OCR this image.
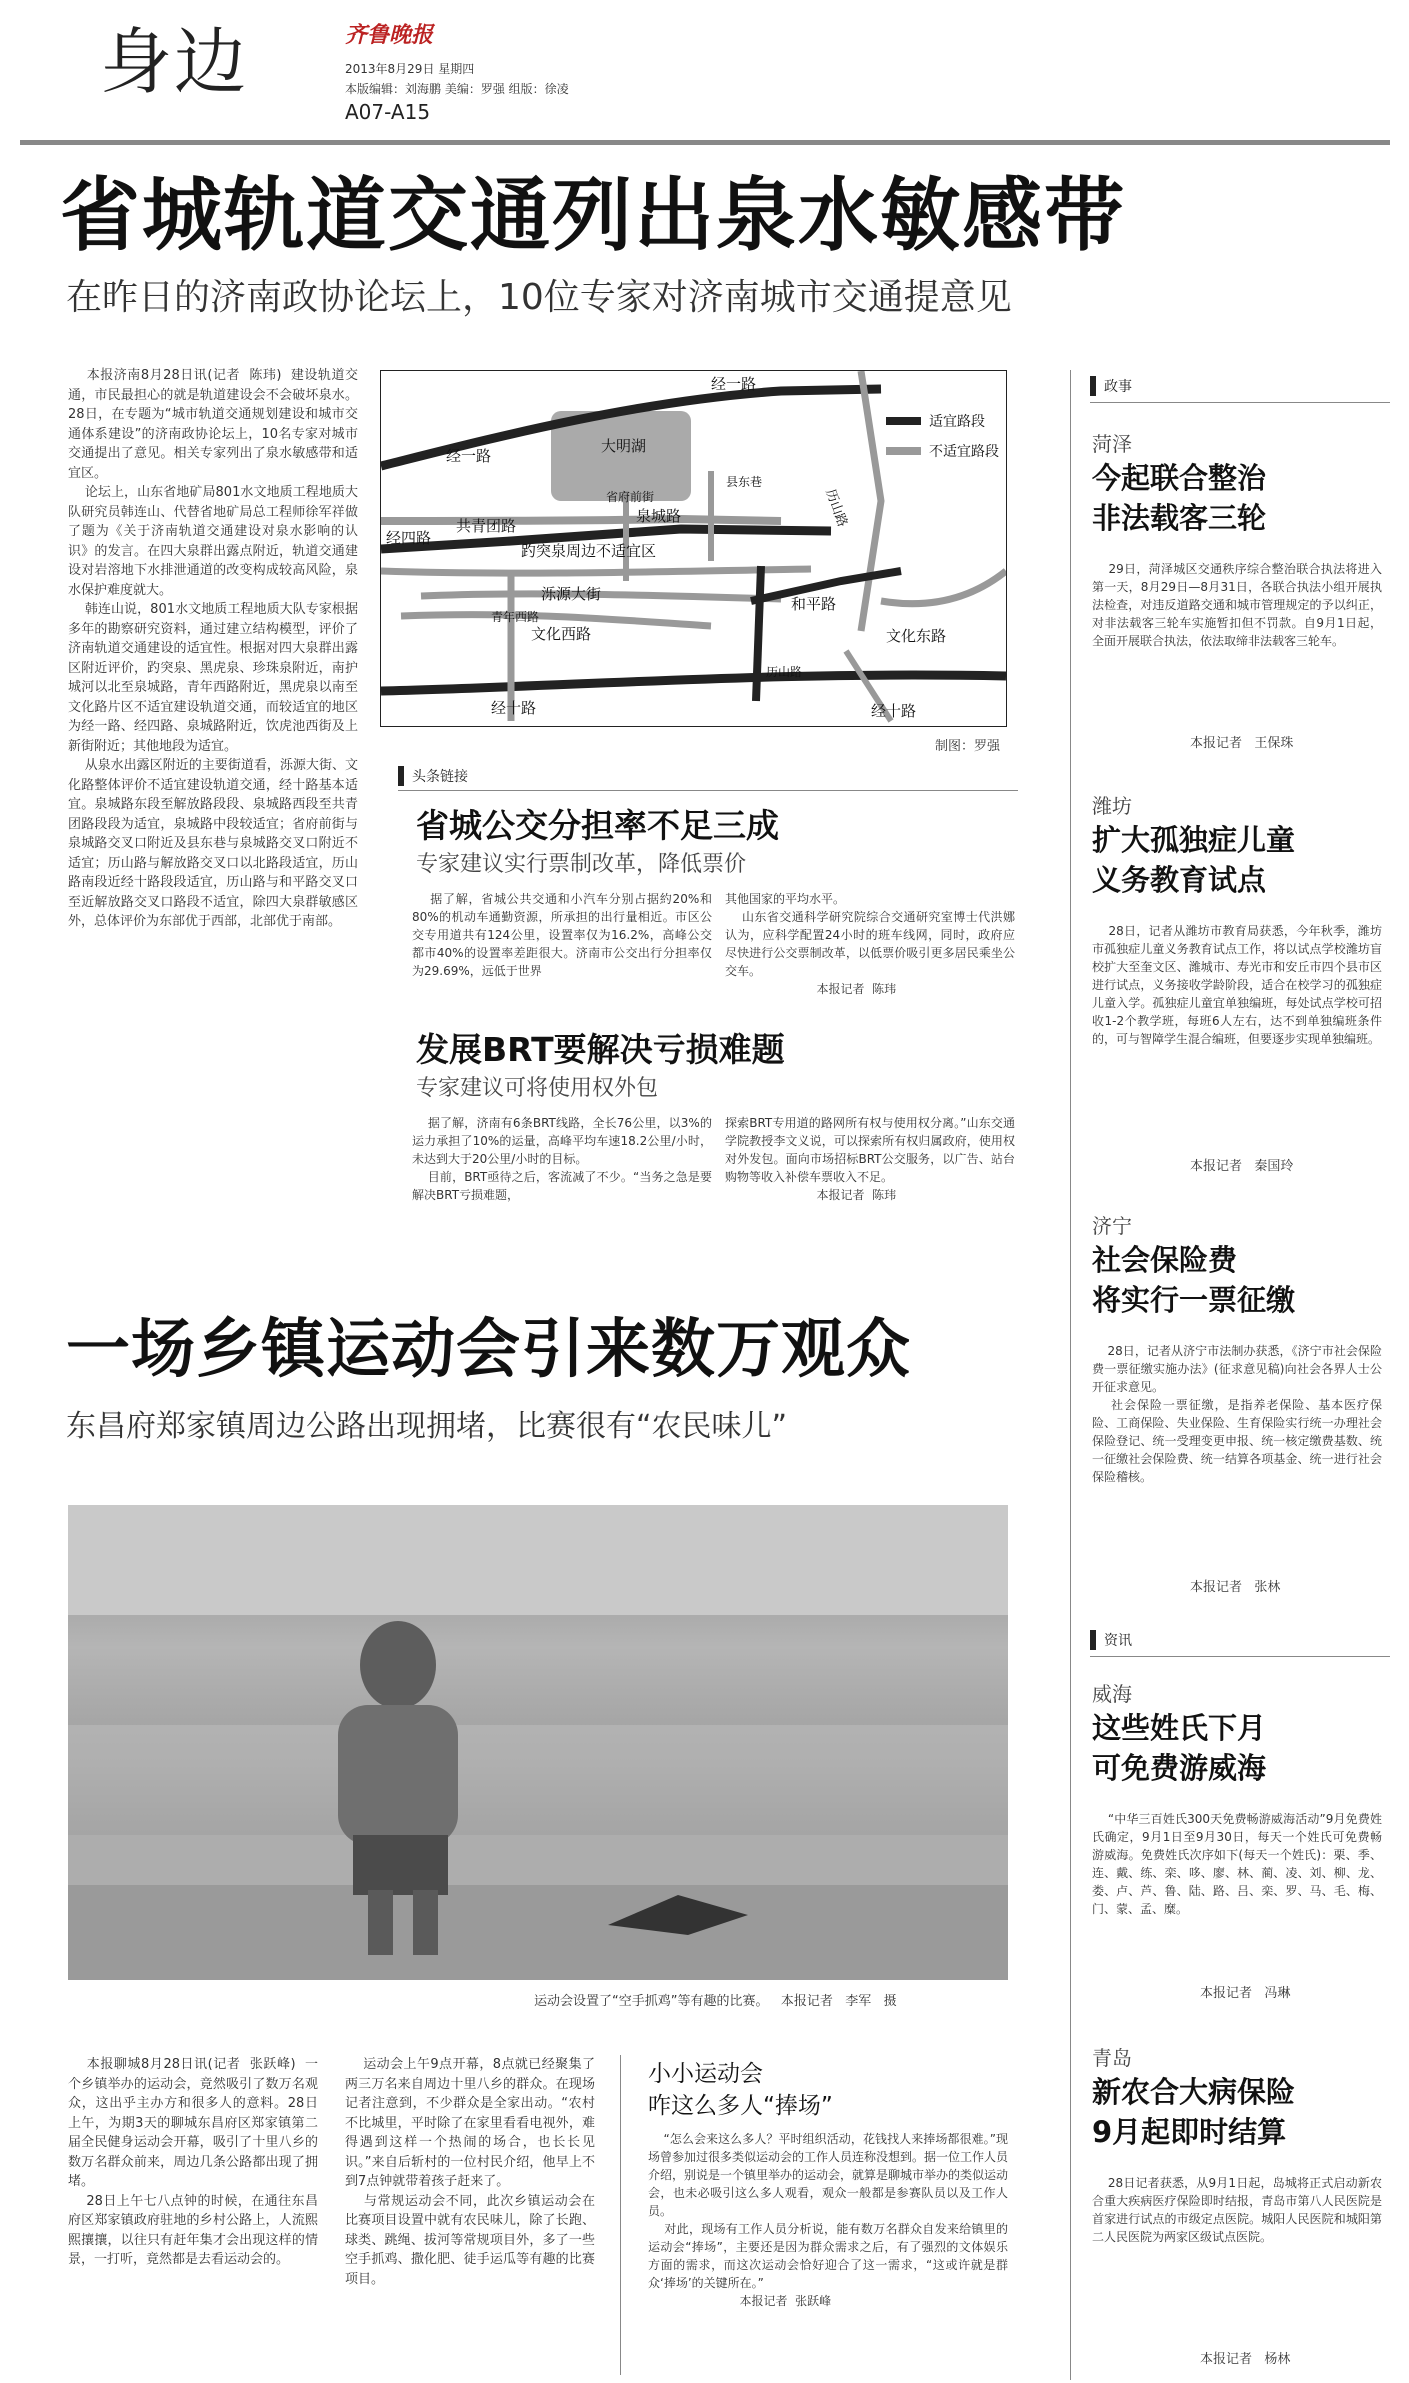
身边	齐鲁晚报
2013年8月29日 星期四
本版编辑：刘海鹏 美编：罗强 组版：徐凌
A07-A15
省城轨道交通列出泉水敏感带
在昨日的济南政协论坛上，10位专家对济南城市交通提意见
本报济南8月28日讯(记者  陈玮)  建设轨道交通，市民最担心的就是轨道建设会不会破坏泉水。28日，在专题为“城市轨道交通规划建设和城市交通体系建设”的济南政协论坛上，10名专家对城市交通提出了意见。相关专家列出了泉水敏感带和适宜区。
论坛上，山东省地矿局801水文地质工程地质大队研究员韩连山、代替省地矿局总工程师徐军祥做了题为《关于济南轨道交通建设对泉水影响的认识》的发言。在四大泉群出露点附近，轨道交通建设对岩溶地下水排泄通道的改变构成较高风险，泉水保护难度就大。
韩连山说，801水文地质工程地质大队专家根据多年的勘察研究资料，通过建立结构模型，评价了济南轨道交通建设的适宜性。根据对四大泉群出露区附近评价，趵突泉、黑虎泉、珍珠泉附近，南护城河以北至泉城路，青年西路附近，黑虎泉以南至文化路片区不适宜建设轨道交通，而较适宜的地区为经一路、经四路、泉城路附近，饮虎池西街及上新街附近；其他地段为适宜。
从泉水出露区附近的主要街道看，泺源大街、文化路整体评价不适宜建设轨道交通，经十路基本适宜。泉城路东段至解放路段段、泉城路西段至共青团路段段为适宜，泉城路中段较适宜；省府前街与泉城路交叉口附近及县东巷与泉城路交叉口附近不适宜；历山路与解放路交叉口以北路段适宜，历山路南段近经十路段段适宜，历山路与和平路交叉口至近解放路交叉口路段不适宜，除四大泉群敏感区外，总体评价为东部优于西部，北部优于南部。
经一路
经一路
大明湖
省府前街
县东巷
历山路
经四路
共青团路
泉城路
趵突泉周边不适宜区
泺源大街
和平路
文化西路
青年西路
历山路
文化东路
经十路	经十路
适宜路段
不适宜路段
制图：罗强
头条链接
省城公交分担率不足三成
专家建议实行票制改革，降低票价
据了解，省城公共交通和小汽车分别占据約20%和80%的机动车通勤资源，所承担的出行量相近。市区公交专用道共有124公里，设置率仅为16.2%，高峰公交都市40%的设置率差距很大。济南市公交出行分担率仅为29.69%，远低于世界
其他国家的平均水平。
山东省交通科学研究院综合交通研究室博士代洪娜认为，应科学配置24小时的班车线网，同时，政府应尽快进行公交票制改革，以低票价吸引更多居民乘坐公交车。
本报记者  陈玮
发展BRT要解决亏损难题
专家建议可将使用权外包
据了解，济南有6条BRT线路，全长76公里，以3%的运力承担了10%的运量，高峰平均车速18.2公里/小时，未达到大于20公里/小时的目标。
目前，BRT亟待之后，客流减了不少。“当务之急是要解决BRT亏损难题，
探索BRT专用道的路网所有权与使用权分离。”山东交通学院教授李文义说，可以探索所有权归属政府，使用权对外发包。面向市场招标BRT公交服务，以广告、站台购物等收入补偿车票收入不足。
本报记者  陈玮
一场乡镇运动会引来数万观众
东昌府郑家镇周边公路出现拥堵，比赛很有“农民味儿”
运动会设置了“空手抓鸡”等有趣的比赛。   本报记者   李军   摄
本报聊城8月28日讯(记者  张跃峰)  一个乡镇举办的运动会，竟然吸引了数万名观众，这出乎主办方和很多人的意料。28日上午，为期3天的聊城东昌府区郑家镇第二届全民健身运动会开幕，吸引了十里八乡的数万名群众前来，周边几条公路都出现了拥堵。
28日上午七八点钟的时候，在通往东昌府区郑家镇政府驻地的乡村公路上，人流熙熙攘攘，以往只有赶年集才会出现这样的情景，一打听，竟然都是去看运动会的。
运动会上午9点开幕，8点就已经聚集了两三万名来自周边十里八乡的群众。在现场记者注意到，不少群众是全家出动。“农村不比城里，平时除了在家里看看电视外，难得遇到这样一个热闹的场合，也长长见识。”来自后斩村的一位村民介绍，他早上不到7点钟就带着孩子赶来了。
与常规运动会不同，此次乡镇运动会在比赛项目设置中就有农民味儿，除了长跑、球类、跳绳、拔河等常规项目外，多了一些空手抓鸡、撒化肥、徒手运瓜等有趣的比赛项目。
小小运动会
咋这么多人“捧场”
“怎么会来这么多人？平时组织活动，花钱找人来捧场都很难。”现场曾参加过很多类似运动会的工作人员连称没想到。据一位工作人员介绍，别说是一个镇里举办的运动会，就算是聊城市举办的类似运动会，也未必吸引这么多人观看，观众一般都是参赛队员以及工作人员。
对此，现场有工作人员分析说，能有数万名群众自发来给镇里的运动会“捧场”，主要还是因为群众需求之后，有了强烈的文体娱乐方面的需求，而这次运动会恰好迎合了这一需求，“这或许就是群众‘捧场’的关键所在。”
本报记者  张跃峰
政事
菏泽
今起联合整治
非法载客三轮
29日，菏泽城区交通秩序综合整治联合执法将进入第一天，8月29日—8月31日，各联合执法小组开展执法检查，对违反道路交通和城市管理规定的予以纠正，对非法载客三轮车实施暂扣但不罚款。自9月1日起，全面开展联合执法，依法取缔非法载客三轮车。
本报记者   王保珠
潍坊
扩大孤独症儿童
义务教育试点
28日，记者从潍坊市教育局获悉，今年秋季，潍坊市孤独症儿童义务教育试点工作，将以试点学校潍坊盲校扩大至奎文区、潍城市、寿光市和安丘市四个县市区进行试点，义务接收学龄阶段，适合在校学习的孤独症儿童入学。孤独症儿童宜单独编班，每处试点学校可招收1-2个教学班，每班6人左右，达不到单独编班条件的，可与智障学生混合编班，但要逐步实现单独编班。
本报记者   秦国玲
济宁
社会保险费
将实行一票征缴
28日，记者从济宁市法制办获悉，《济宁市社会保险费一票征缴实施办法》(征求意见稿)向社会各界人士公开征求意见。
社会保险一票征缴，是指养老保险、基本医疗保险、工商保险、失业保险、生育保险实行统一办理社会保险登记、统一受理变更申报、统一核定缴费基数、统一征缴社会保险费、统一结算各项基金、统一进行社会保险稽核。
本报记者   张林
资讯
威海
这些姓氏下月
可免费游威海
“中华三百姓氏300天免费畅游威海活动”9月免费姓氏确定，9月1日至9月30日，每天一个姓氏可免费畅游威海。免费姓氏次序如下(每天一个姓氏)：栗、季、连、戴、练、栾、哆、廖、林、蔺、凌、刘、柳、龙、娄、卢、芦、鲁、陆、路、吕、栾、罗、马、毛、梅、门、蒙、孟、糜。
本报记者   冯琳
青岛
新农合大病保险
9月起即时结算
28日记者获悉，从9月1日起，岛城将正式启动新农合重大疾病医疗保险即时结报，青岛市第八人民医院是首家进行试点的市级定点医院。城阳人民医院和城阳第二人民医院为两家区级试点医院。
本报记者   杨林
